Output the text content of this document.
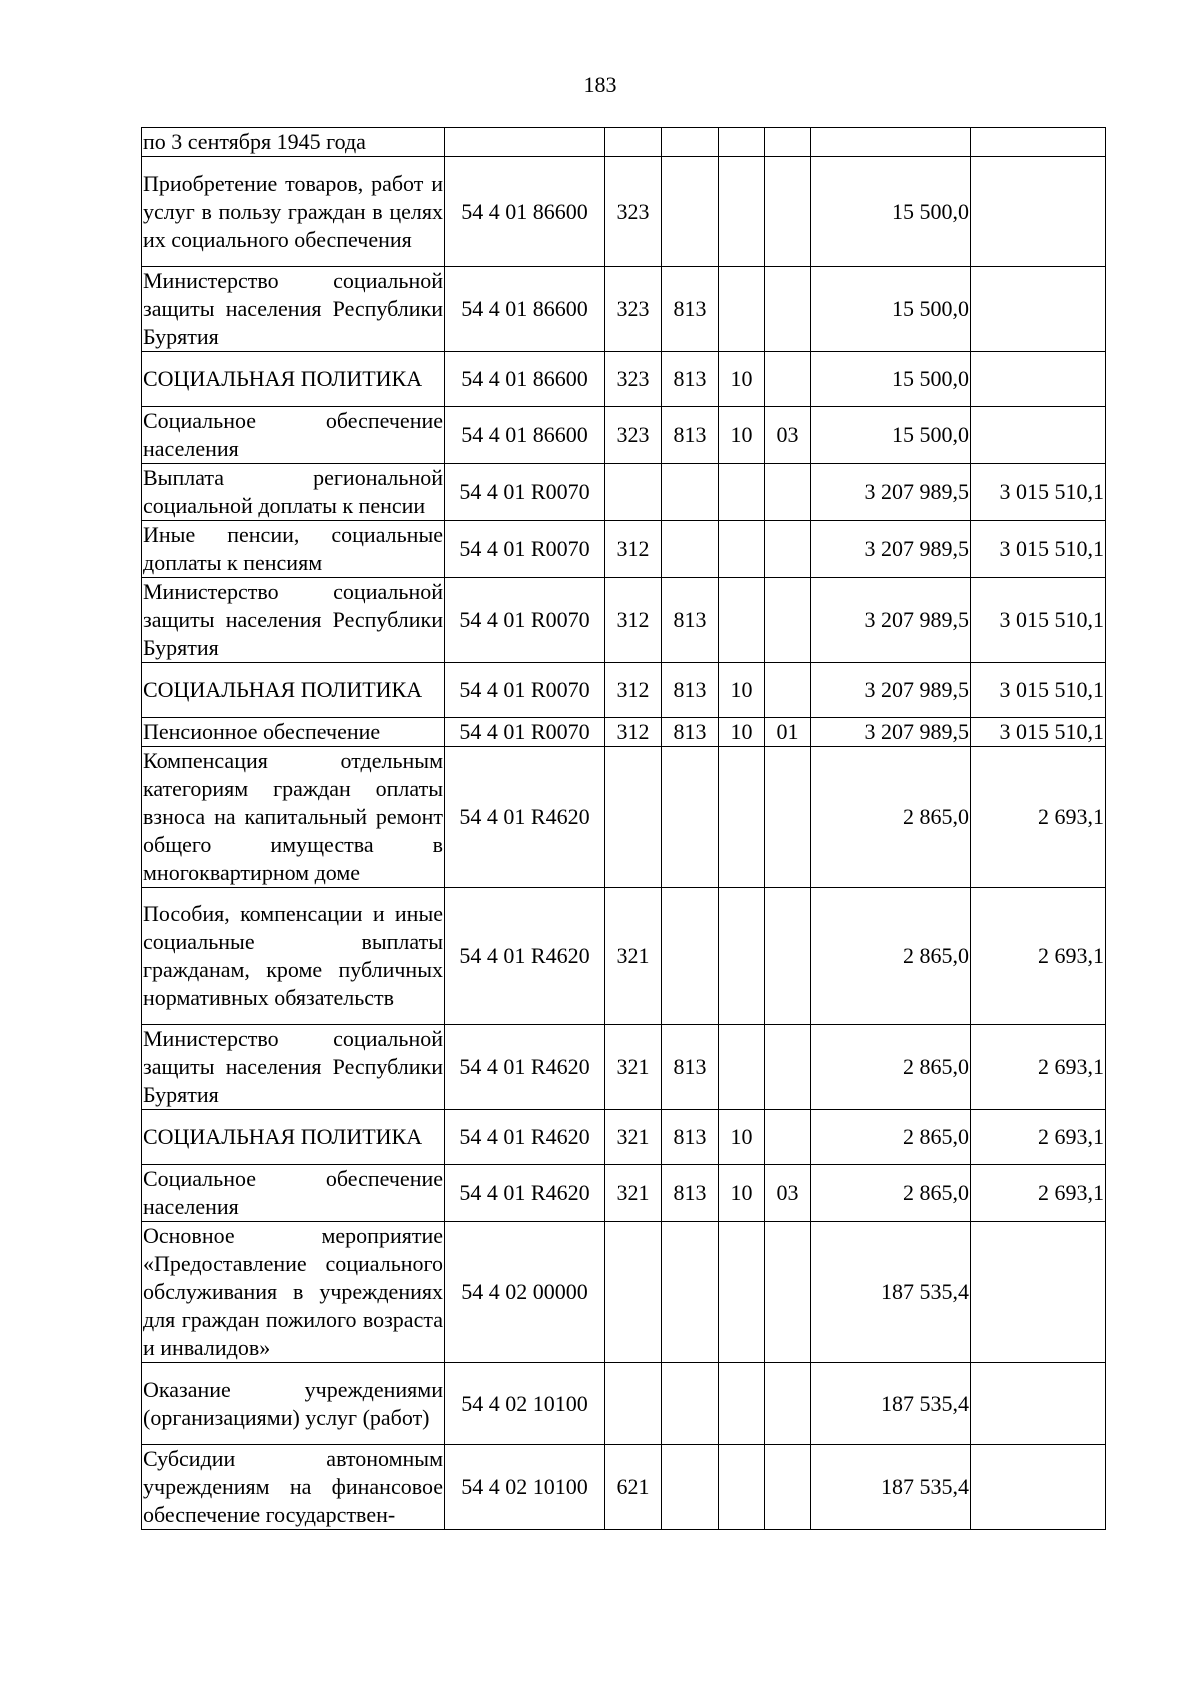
183
по 3 сентября 1945 года							
Приобретение товаров, работ и услуг в пользу граждан в целях их социального обеспечения	54 4 01 86600	323				15 500,0	
Министерство социальной защиты населения Республики Бурятия	54 4 01 86600	323	813			15 500,0	
СОЦИАЛЬНАЯ ПОЛИТИКА	54 4 01 86600	323	813	10		15 500,0	
Социальное обеспечение населения	54 4 01 86600	323	813	10	03	15 500,0	
Выплата региональной социальной доплаты к пенсии	54 4 01 R0070					3 207 989,5	3 015 510,1
Иные пенсии, социальные доплаты к пенсиям	54 4 01 R0070	312				3 207 989,5	3 015 510,1
Министерство социальной защиты населения Республики Бурятия	54 4 01 R0070	312	813			3 207 989,5	3 015 510,1
СОЦИАЛЬНАЯ ПОЛИТИКА	54 4 01 R0070	312	813	10		3 207 989,5	3 015 510,1
Пенсионное обеспечение	54 4 01 R0070	312	813	10	01	3 207 989,5	3 015 510,1
Компенсация отдельным категориям граждан оплаты взноса на капитальный ремонт общего имущества в многоквартирном доме	54 4 01 R4620					2 865,0	2 693,1
Пособия, компенсации и иные социальные выплаты гражданам, кроме публичных нормативных обязательств	54 4 01 R4620	321				2 865,0	2 693,1
Министерство социальной защиты населения Республики Бурятия	54 4 01 R4620	321	813			2 865,0	2 693,1
СОЦИАЛЬНАЯ ПОЛИТИКА	54 4 01 R4620	321	813	10		2 865,0	2 693,1
Социальное обеспечение населения	54 4 01 R4620	321	813	10	03	2 865,0	2 693,1
Основное мероприятие «Предоставление социального обслуживания в учреждениях для граждан пожилого возраста и инвалидов»	54 4 02 00000					187 535,4	
Оказание учреждениями (организациями) услуг (работ)	54 4 02 10100					187 535,4	
Субсидии автономным учреждениям на финансовое обеспечение государствен-	54 4 02 10100	621				187 535,4	
